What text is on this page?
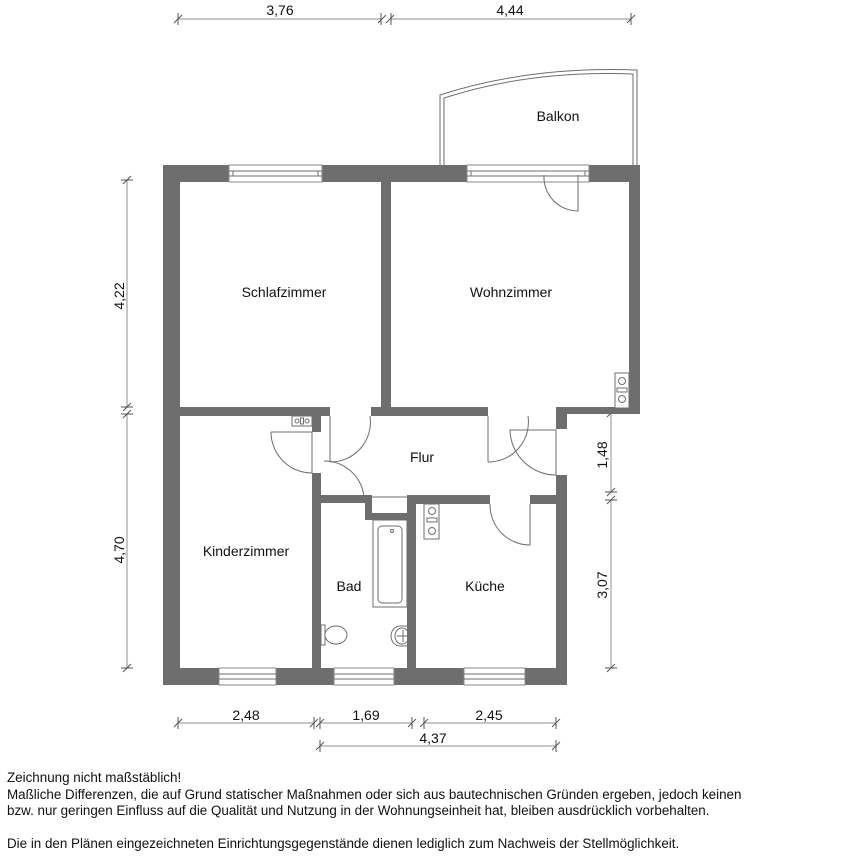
3,76	4,44
4,22
4,70
1,48
3,07
2,48	1,69	2,45
4,37
Balkon
Schlafzimmer	Wohnzimmer
Flur
Kinderzimmer
Bad	Küche

Zeichnung nicht maßstäblich!

Maßliche Differenzen, die auf Grund statischer Maßnahmen oder sich aus bautechnischen Gründen ergeben, jedoch keinen

bzw. nur geringen Einfluss auf die Qualität und Nutzung in der Wohnungseinheit hat, bleiben ausdrücklich vorbehalten.

Die in den Plänen eingezeichneten Einrichtungsgegenstände dienen lediglich zum Nachweis der Stellmöglichkeit.
